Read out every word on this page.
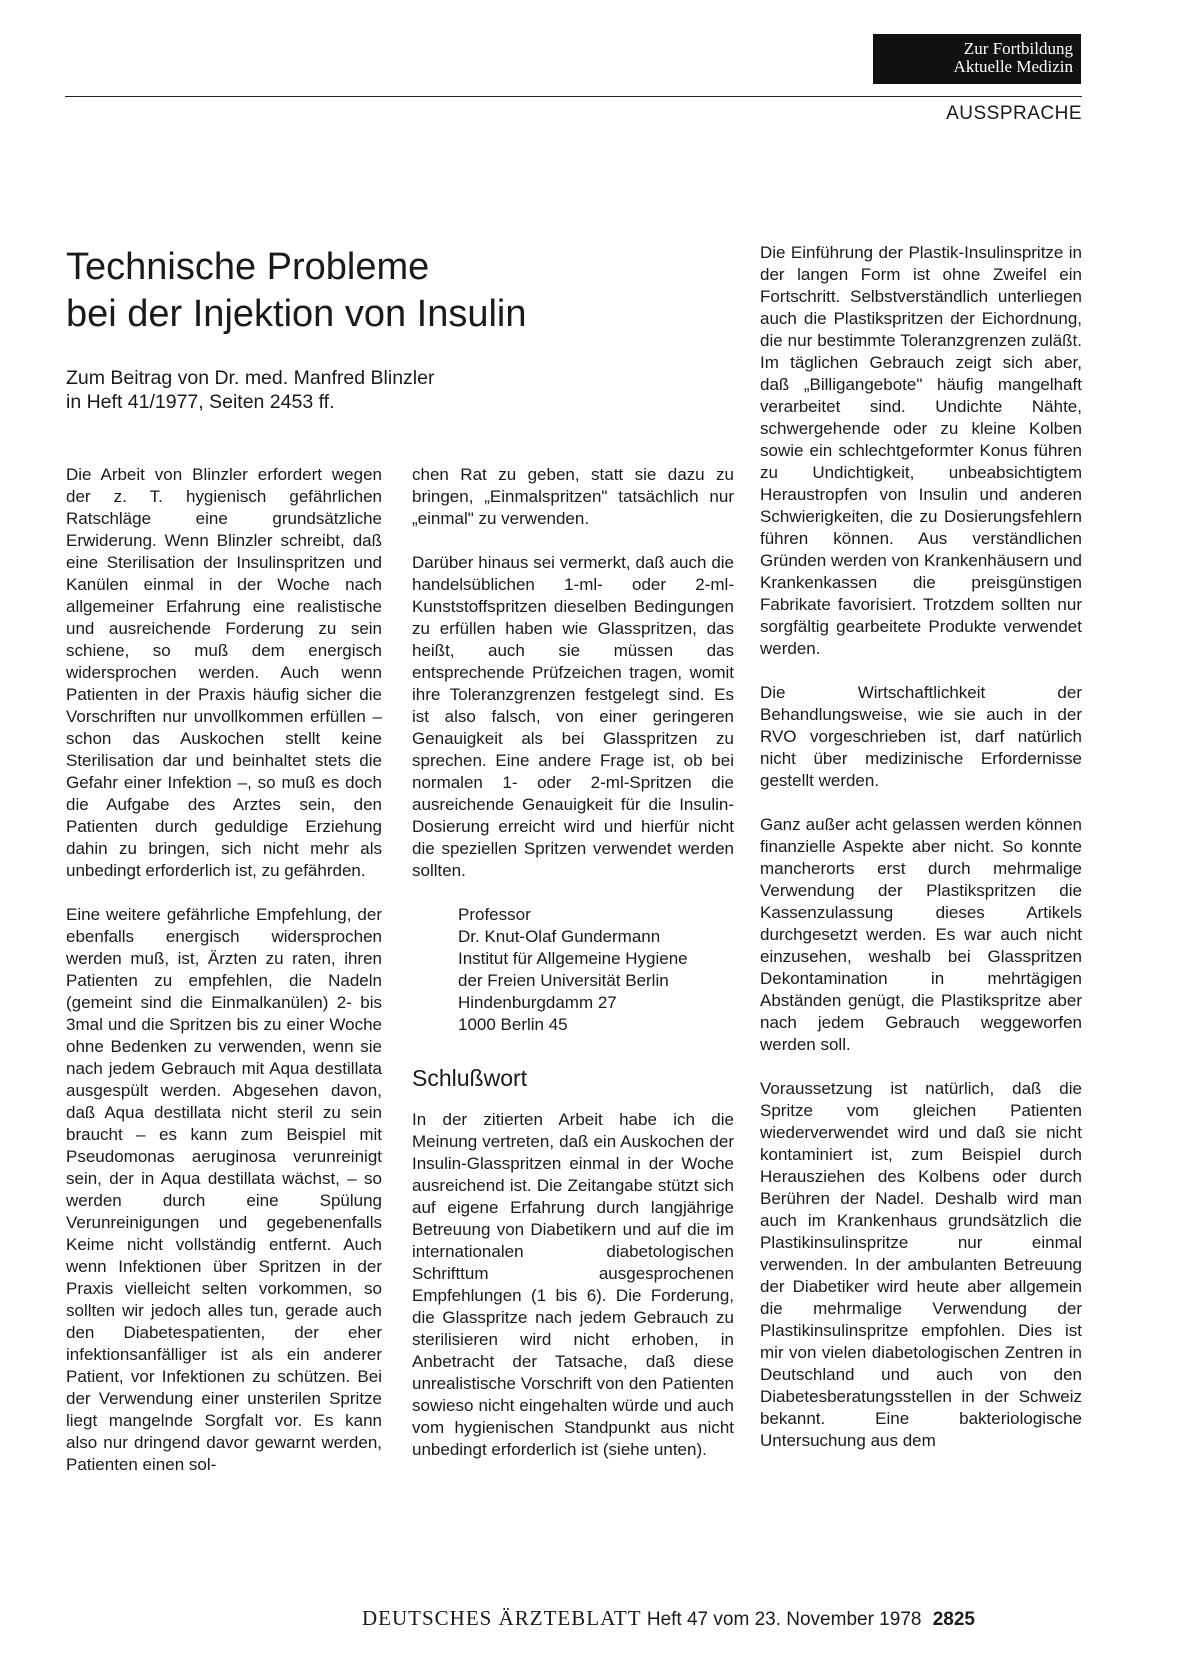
Zur Fortbildung
Aktuelle Medizin
AUSSPRACHE
Technische Probleme
bei der Injektion von Insulin
Zum Beitrag von Dr. med. Manfred Blinzler
in Heft 41/1977, Seiten 2453 ff.

Die Arbeit von Blinzler erfordert wegen der z. T. hygienisch gefährlichen Ratschläge eine grundsätzliche Erwiderung. Wenn Blinzler schreibt, daß eine Sterilisation der Insulinspritzen und Kanülen einmal in der Woche nach allgemeiner Erfahrung eine realistische und ausreichende Forderung zu sein schiene, so muß dem energisch widersprochen werden. Auch wenn Patienten in der Praxis häufig sicher die Vorschriften nur unvollkommen erfüllen – schon das Auskochen stellt keine Sterilisation dar und beinhaltet stets die Gefahr einer Infektion –, so muß es doch die Aufgabe des Arztes sein, den Patienten durch geduldige Erziehung dahin zu bringen, sich nicht mehr als unbedingt erforderlich ist, zu gefährden.

Eine weitere gefährliche Empfehlung, der ebenfalls energisch widersprochen werden muß, ist, Ärzten zu raten, ihren Patienten zu empfehlen, die Nadeln (gemeint sind die Einmalkanülen) 2- bis 3mal und die Spritzen bis zu einer Woche ohne Bedenken zu verwenden, wenn sie nach jedem Gebrauch mit Aqua destillata ausgespült werden. Abgesehen davon, daß Aqua destillata nicht steril zu sein braucht – es kann zum Beispiel mit Pseudomonas aeruginosa verunreinigt sein, der in Aqua destillata wächst, – so werden durch eine Spülung Verunreinigungen und gegebenenfalls Keime nicht vollständig entfernt. Auch wenn Infektionen über Spritzen in der Praxis vielleicht selten vorkommen, so sollten wir jedoch alles tun, gerade auch den Diabetespatienten, der eher infektionsanfälliger ist als ein anderer Patient, vor Infektionen zu schützen. Bei der Verwendung einer unsterilen Spritze liegt mangelnde Sorgfalt vor. Es kann also nur dringend davor gewarnt werden, Patienten einen sol-

chen Rat zu geben, statt sie dazu zu bringen, „Einmalspritzen" tatsächlich nur „einmal" zu verwenden.

Darüber hinaus sei vermerkt, daß auch die handelsüblichen 1-ml- oder 2-ml-Kunststoffspritzen dieselben Bedingungen zu erfüllen haben wie Glasspritzen, das heißt, auch sie müssen das entsprechende Prüfzeichen tragen, womit ihre Toleranzgrenzen festgelegt sind. Es ist also falsch, von einer geringeren Genauigkeit als bei Glasspritzen zu sprechen. Eine andere Frage ist, ob bei normalen 1- oder 2-ml-Spritzen die ausreichende Genauigkeit für die Insulin-Dosierung erreicht wird und hierfür nicht die speziellen Spritzen verwendet werden sollten.

Professor
Dr. Knut-Olaf Gundermann
Institut für Allgemeine Hygiene
der Freien Universität Berlin
Hindenburgdamm 27
1000 Berlin 45

Schlußwort

In der zitierten Arbeit habe ich die Meinung vertreten, daß ein Auskochen der Insulin-Glasspritzen einmal in der Woche ausreichend ist. Die Zeitangabe stützt sich auf eigene Erfahrung durch langjährige Betreuung von Diabetikern und auf die im internationalen diabetologischen Schrifttum ausgesprochenen Empfehlungen (1 bis 6). Die Forderung, die Glasspritze nach jedem Gebrauch zu sterilisieren wird nicht erhoben, in Anbetracht der Tatsache, daß diese unrealistische Vorschrift von den Patienten sowieso nicht eingehalten würde und auch vom hygienischen Standpunkt aus nicht unbedingt erforderlich ist (siehe unten).

Die Einführung der Plastik-Insulinspritze in der langen Form ist ohne Zweifel ein Fortschritt. Selbstverständlich unterliegen auch die Plastikspritzen der Eichordnung, die nur bestimmte Toleranzgrenzen zuläßt. Im täglichen Gebrauch zeigt sich aber, daß „Billigangebote" häufig mangelhaft verarbeitet sind. Undichte Nähte, schwergehende oder zu kleine Kolben sowie ein schlechtgeformter Konus führen zu Undichtigkeit, unbeabsichtigtem Heraustropfen von Insulin und anderen Schwierigkeiten, die zu Dosierungsfehlern führen können. Aus verständlichen Gründen werden von Krankenhäusern und Krankenkassen die preisgünstigen Fabrikate favorisiert. Trotzdem sollten nur sorgfältig gearbeitete Produkte verwendet werden.

Die Wirtschaftlichkeit der Behandlungsweise, wie sie auch in der RVO vorgeschrieben ist, darf natürlich nicht über medizinische Erfordernisse gestellt werden.

Ganz außer acht gelassen werden können finanzielle Aspekte aber nicht. So konnte mancherorts erst durch mehrmalige Verwendung der Plastikspritzen die Kassenzulassung dieses Artikels durchgesetzt werden. Es war auch nicht einzusehen, weshalb bei Glasspritzen Dekontamination in mehrtägigen Abständen genügt, die Plastikspritze aber nach jedem Gebrauch weggeworfen werden soll.

Voraussetzung ist natürlich, daß die Spritze vom gleichen Patienten wiederverwendet wird und daß sie nicht kontaminiert ist, zum Beispiel durch Herausziehen des Kolbens oder durch Berühren der Nadel. Deshalb wird man auch im Krankenhaus grundsätzlich die Plastikinsulinspritze nur einmal verwenden. In der ambulanten Betreuung der Diabetiker wird heute aber allgemein die mehrmalige Verwendung der Plastikinsulinspritze empfohlen. Dies ist mir von vielen diabetologischen Zentren in Deutschland und auch von den Diabetesberatungsstellen in der Schweiz bekannt. Eine bakteriologische Untersuchung aus dem

DEUTSCHES ÄRZTEBLATT Heft 47 vom 23. November 1978 2825
